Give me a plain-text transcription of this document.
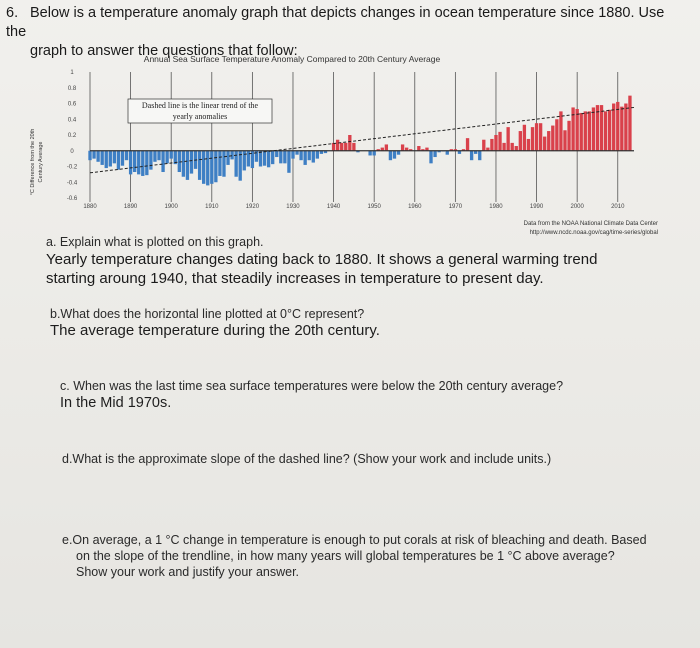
6. Below is a temperature anomaly graph that depicts changes in ocean temperature since 1880. Use the
graph to answer the questions that follow:
Annual Sea Surface Temperature Anomaly Compared to 20th Century Average
°C Difference from the 20th Century Average
1
0.8
0.6
0.4
0.2
0
-0.2
-0.4
-0.6
1880	1890	1900	1910	1920	1930	1940	1950	1960	1970	1980	1990	2000	2010
Dashed line is the linear trend of the
yearly anomalies
Data from the NOAA National Climate Data Center
http://www.ncdc.noaa.gov/cag/time-series/global
a. Explain what is plotted on this graph.
Yearly temperature changes dating back to 1880. It shows a general warming trend
starting aroung 1940, that steadily increases in temperature to present day.
b.What does the horizontal line plotted at 0°C represent?
The average temperature during the 20th century.
c. When was the last time sea surface temperatures were below the 20th century average?
In the Mid 1970s.
d.What is the approximate slope of the dashed line? (Show your work and include units.)
e.On average, a 1 °C change in temperature is enough to put corals at risk of bleaching and death. Based
on the slope of the trendline, in how many years will global temperatures be 1 °C above average?
Show your work and justify your answer.
